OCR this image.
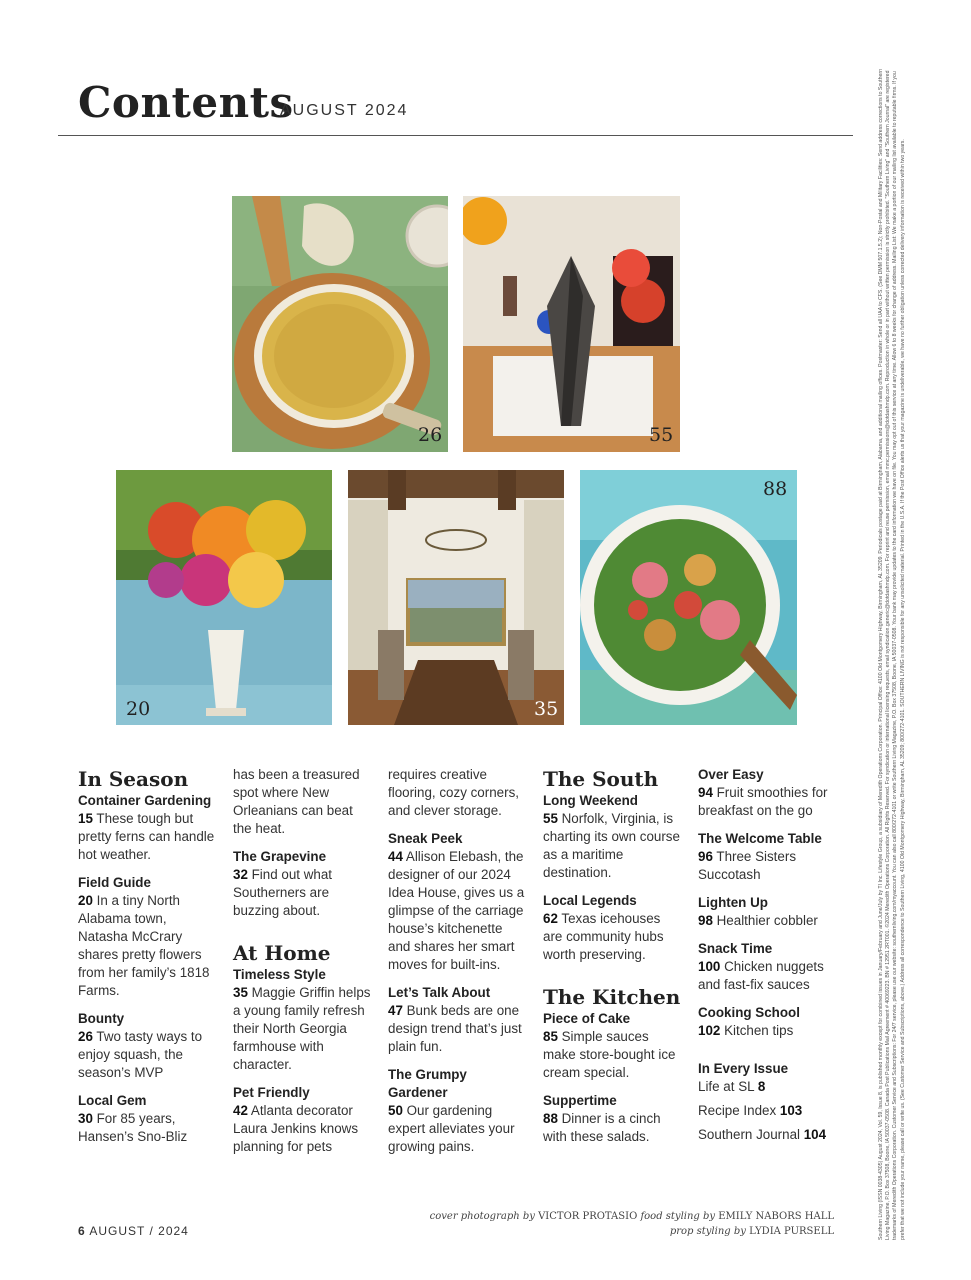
Contents
AUGUST 2024
26	55
20	35
88

In Season

Container Gardening

15 These tough but pretty ferns can handle hot weather.

Field Guide

20 In a tiny North Alabama town, Natasha McCrary shares pretty flowers from her family’s 1818 Farms.

Bounty

26 Two tasty ways to enjoy squash, the season’s MVP

Local Gem

30 For 85 years, Hansen’s Sno-Bliz

has been a treasured spot where New Orleanians can beat the heat.

The Grapevine

32 Find out what Southerners are buzzing about.

At Home

Timeless Style

35 Maggie Griffin helps a young family refresh their North Georgia farmhouse with character.

Pet Friendly

42 Atlanta decorator Laura Jenkins knows planning for pets

requires creative flooring, cozy corners, and clever storage.

Sneak Peek

44 Allison Elebash, the designer of our 2024 Idea House, gives us a glimpse of the carriage house’s kitchenette and shares her smart moves for built-ins.

Let’s Talk About

47 Bunk beds are one design trend that’s just plain fun.

The Grumpy Gardener

50 Our gardening expert alleviates your growing pains.

The South

Long Weekend

55 Norfolk, Virginia, is charting its own course as a maritime destination.

Local Legends

62 Texas icehouses are community hubs worth preserving.

The Kitchen

Piece of Cake

85 Simple sauces make store-bought ice cream special.

Suppertime

88 Dinner is a cinch with these salads.

Over Easy

94 Fruit smoothies for breakfast on the go

The Welcome Table

96 Three Sisters Succotash

Lighten Up

98 Healthier cobbler

Snack Time

100 Chicken nuggets and fast-fix sauces

Cooking School

102 Kitchen tips

In Every Issue

Life at SL 8

Recipe Index 103

Southern Journal 104

6 AUGUST / 2024
cover photograph by VICTOR PROTASIO food styling by EMILY NABORS HALL
prop styling by LYDIA PURSELL	Southern Living (ISSN 0038-4305) August 2024, Vol. 59, Issue 8, is published monthly except for combined issues in January/February and June/July by TI Inc. Lifestyle Group, a subsidiary of Meredith Operations Corporation. Principal Office: 4100 Old Montgomery Highway, Birmingham, AL 35209. Periodicals postage paid at Birmingham, Alabama, and additional mailing offices. Postmaster: Send all UAA to CFS. (See DMM 507.1.5.2); Non-Postal and Military Facilities: Send address corrections to Southern Living Magazine, P.O. Box 37508, Boone, IA 50037-0508. Canada Post Publications Mail Agreement # 40069223. BN # 12951 2RT001. ©2024 Meredith Operations Corporation. All Rights Reserved. For syndication or international licensing requests, email syndication.generic@dotdashmdp.com. For reprint and reuse permission, email mmc.permissions@dotdashmdp.com. Reproduction in whole or in part without written permission is strictly prohibited. "Southern Living" and "Southern Journal" are registered trademarks of Meredith Operations Corporation. Customer Service and Subscriptions: For 24/7 service, please use our website: southernliving.com/myaccount. You can also call 800/272-4101 or write Southern Living Magazine, P.O. Box 37508, Boone, IA 50037-0508. Your bank may provide updates to the card information we have on file. You may opt out of this service at any time. Allow 6 to 8 weeks for change of address. Mailing List: We make a portion of our mailing list available to reputable firms. If you prefer that we not include your name, please call or write us. (See Customer Service and Subscriptions, above.) Address all correspondence to Southern Living, 4100 Old Montgomery Highway, Birmingham, AL 35209; 800/272-4101. SOUTHERN LIVING is not responsible for any unsolicited material. Printed in the U.S.A. If the Post Office alerts us that your magazine is undeliverable, we have no further obligation unless corrected delivery information is received within two years.
